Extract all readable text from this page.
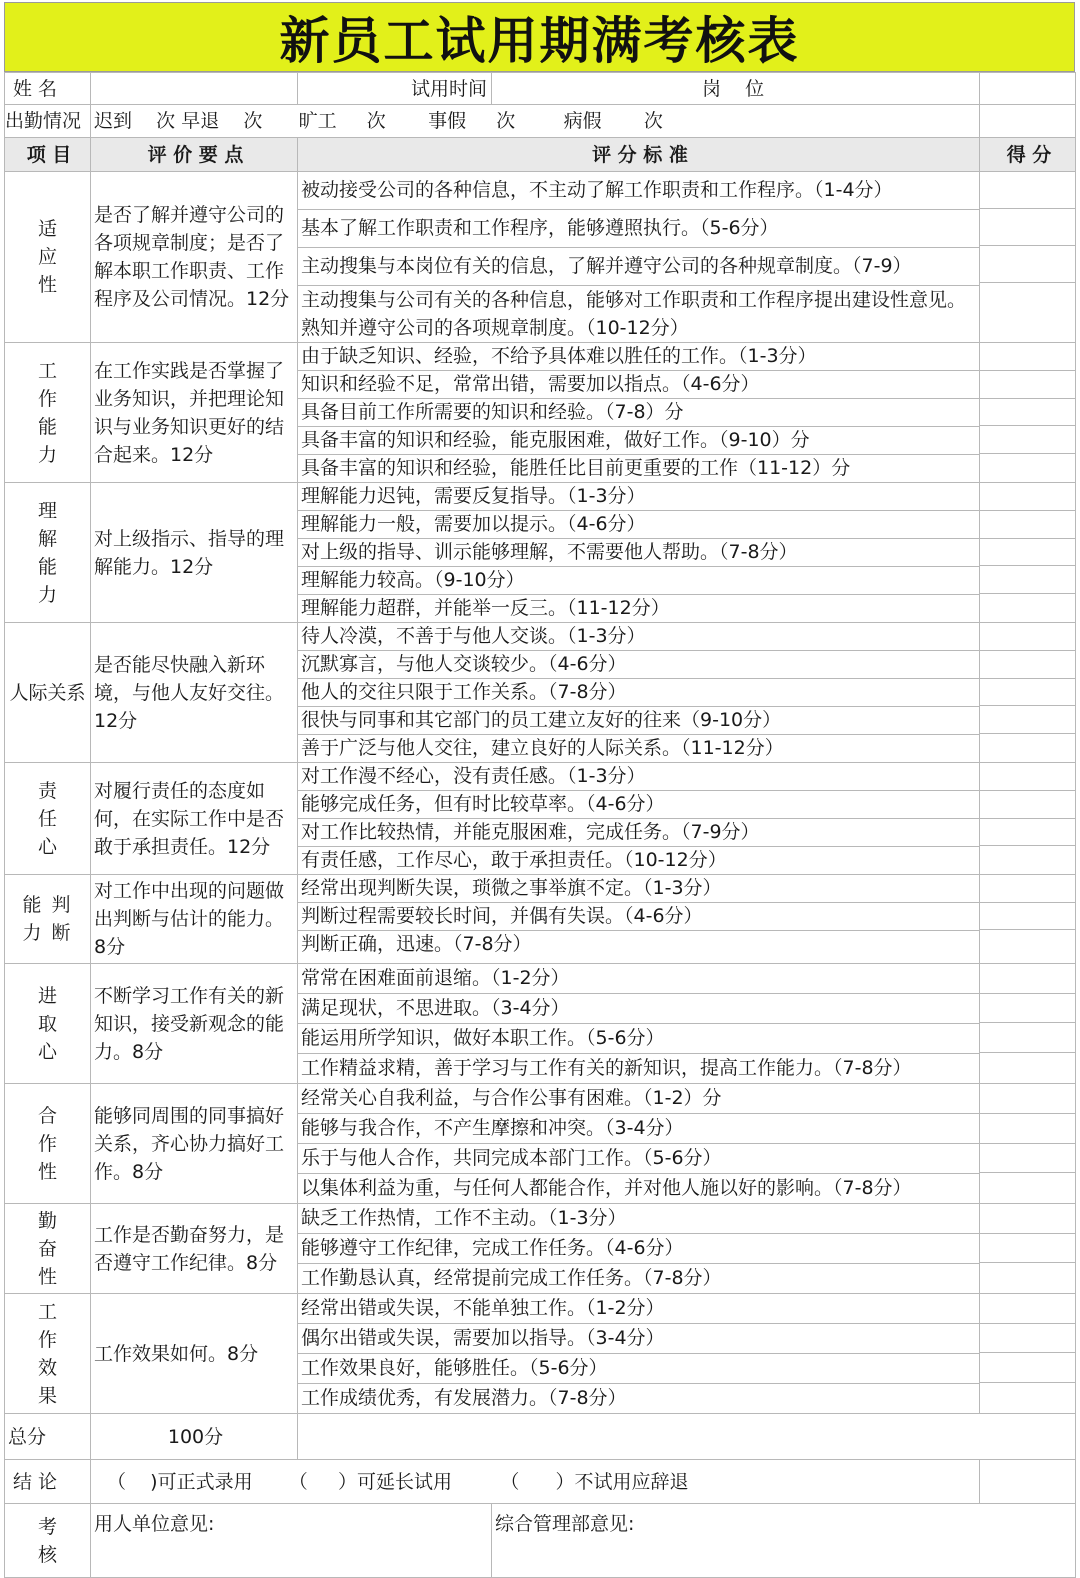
新员工试用期满考核表
姓 名		试用时间	岗    位	
出勤情况	迟到    次 早退    次      旷工     次       事假     次        病假       次			
项 目	评 价 要 点	评 分 标 准		得 分
适应性	是否了解并遵守公司的各项规章制度；是否了解本职工作职责、工作程序及公司情况。12分	被动接受公司的各种信息，不主动了解工作职责和工作程序。（1-4分）
基本了解工作职责和工作程序，能够遵照执行。（5-6分）
主动搜集与本岗位有关的信息，了解并遵守公司的各种规章制度。（7-9）
主动搜集与公司有关的各种信息，能够对工作职责和工作程序提出建设性意见。熟知并遵守公司的各项规章制度。（10-12分）		

工作能力	在工作实践是否掌握了业务知识，并把理论知识与业务知识更好的结合起来。12分	由于缺乏知识、经验，不给予具体难以胜任的工作。（1-3分）
知识和经验不足，常常出错，需要加以指点。（4-6分）
具备目前工作所需要的知识和经验。（7-8）分
具备丰富的知识和经验，能克服困难，做好工作。（9-10）分
具备丰富的知识和经验，能胜任比目前更重要的工作（11-12）分		

理解能力	对上级指示、指导的理解能力。12分	理解能力迟钝，需要反复指导。（1-3分）
理解能力一般，需要加以提示。（4-6分）
对上级的指导、训示能够理解，不需要他人帮助。（7-8分）
理解能力较高。（9-10分）
理解能力超群，并能举一反三。（11-12分）		

人际关系	是否能尽快融入新环境，与他人友好交往。12分	待人冷漠，不善于与他人交谈。（1-3分）
沉默寡言，与他人交谈较少。（4-6分）
他人的交往只限于工作关系。（7-8分）
很快与同事和其它部门的员工建立友好的往来（9-10分）
善于广泛与他人交往，建立良好的人际关系。（11-12分）		

责任心	对履行责任的态度如何，在实际工作中是否敢于承担责任。12分	对工作漫不经心，没有责任感。（1-3分）
能够完成任务，但有时比较草率。（4-6分）
对工作比较热情，并能克服困难，完成任务。（7-9分）
有责任感，工作尽心，敢于承担责任。（10-12分）		

能 判
力 断	对工作中出现的问题做出判断与估计的能力。8分	经常出现判断失误，琐微之事举旗不定。（1-3分）
判断过程需要较长时间，并偶有失误。（4-6分）
判断正确，迅速。（7-8分）		

进取心	不断学习工作有关的新知识，接受新观念的能力。8分	常常在困难面前退缩。（1-2分）
满足现状，不思进取。（3-4分）
能运用所学知识，做好本职工作。（5-6分）
工作精益求精，善于学习与工作有关的新知识，提高工作能力。（7-8分）		

合作性	能够同周围的同事搞好关系，齐心协力搞好工作。8分	经常关心自我利益，与合作公事有困难。（1-2）分
能够与我合作，不产生摩擦和冲突。（3-4分）
乐于与他人合作，共同完成本部门工作。（5-6分）
以集体利益为重，与任何人都能合作，并对他人施以好的影响。（7-8分）		

勤奋性	工作是否勤奋努力，是否遵守工作纪律。8分	缺乏工作热情，工作不主动。（1-3分）
能够遵守工作纪律，完成工作任务。（4-6分）
工作勤恳认真，经常提前完成工作任务。（7-8分）		

工作效果	工作效果如何。8分	经常出错或失误，不能单独工作。（1-2分）
偶尔出错或失误，需要加以指导。（3-4分）
工作效果良好，能够胜任。（5-6分）
工作成绩优秀，有发展潜力。（7-8分）		

总分	100分			
结 论	（    )可正式录用      （     ）可延长试用        （      ）不试用应辞退			
考核	用人单位意见:		综合管理部意见:	
